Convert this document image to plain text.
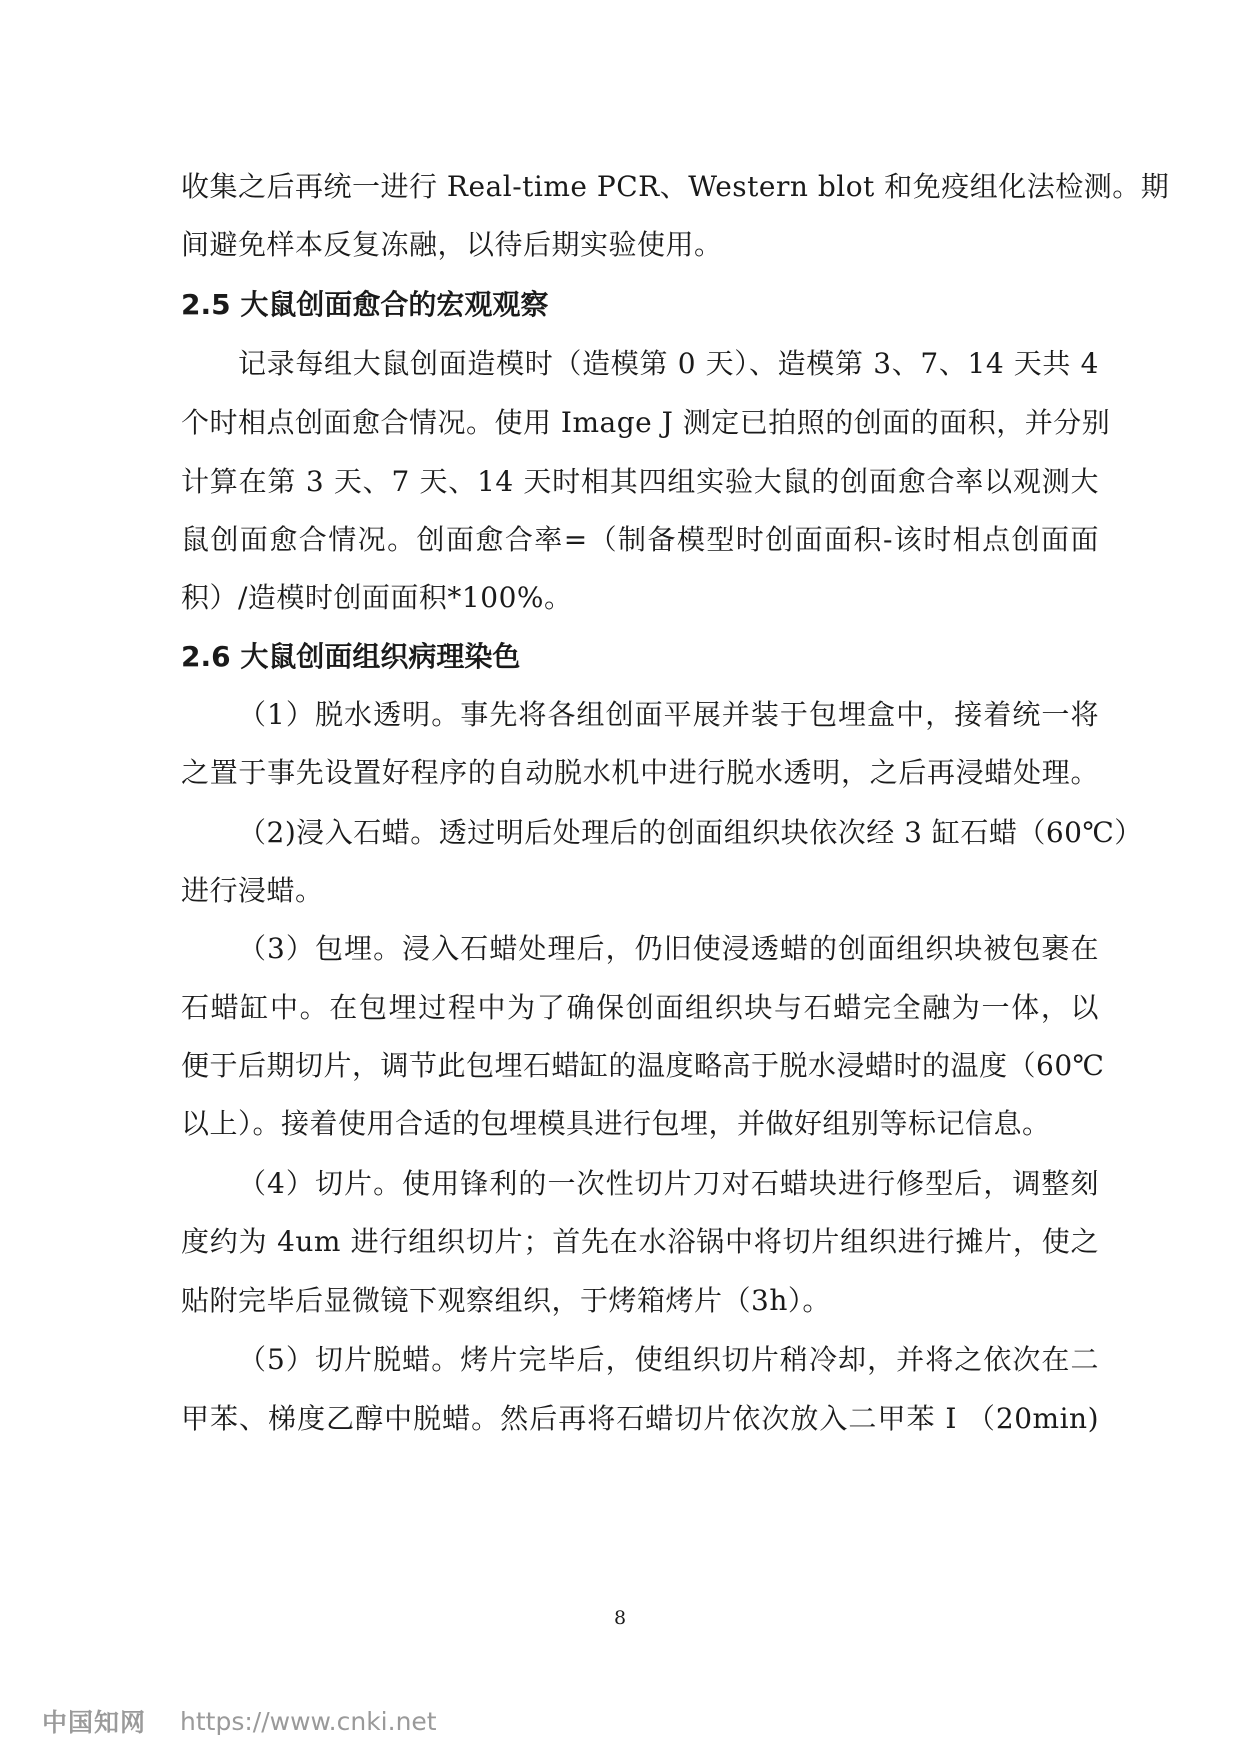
收集之后再统一进行 Real-time PCR、Western blot 和免疫组化法检测。期
间避免样本反复冻融，以待后期实验使用。
2.5 大鼠创面愈合的宏观观察
记录每组大鼠创面造模时（造模第 0 天）、造模第 3、7、14 天共 4
个时相点创面愈合情况。使用 Image J 测定已拍照的创面的面积，并分别
计算在第 3 天、7 天、14 天时相其四组实验大鼠的创面愈合率以观测大
鼠创面愈合情况。创面愈合率=（制备模型时创面面积-该时相点创面面
积）/造模时创面面积*100%。
2.6 大鼠创面组织病理染色
（1）脱水透明。事先将各组创面平展并装于包埋盒中，接着统一将
之置于事先设置好程序的自动脱水机中进行脱水透明，之后再浸蜡处理。
（2)浸入石蜡。透过明后处理后的创面组织块依次经 3 缸石蜡（60℃）
进行浸蜡。
（3）包埋。浸入石蜡处理后，仍旧使浸透蜡的创面组织块被包裹在
石蜡缸中。在包埋过程中为了确保创面组织块与石蜡完全融为一体，以
便于后期切片，调节此包埋石蜡缸的温度略高于脱水浸蜡时的温度（60℃
以上）。接着使用合适的包埋模具进行包埋，并做好组别等标记信息。
（4）切片。使用锋利的一次性切片刀对石蜡块进行修型后，调整刻
度约为 4um 进行组织切片；首先在水浴锅中将切片组织进行摊片，使之
贴附完毕后显微镜下观察组织，于烤箱烤片（3h）。
（5）切片脱蜡。烤片完毕后，使组织切片稍冷却，并将之依次在二
甲苯、梯度乙醇中脱蜡。然后再将石蜡切片依次放入二甲苯 I （20min)
8
中国知网 https://www.cnki.net
